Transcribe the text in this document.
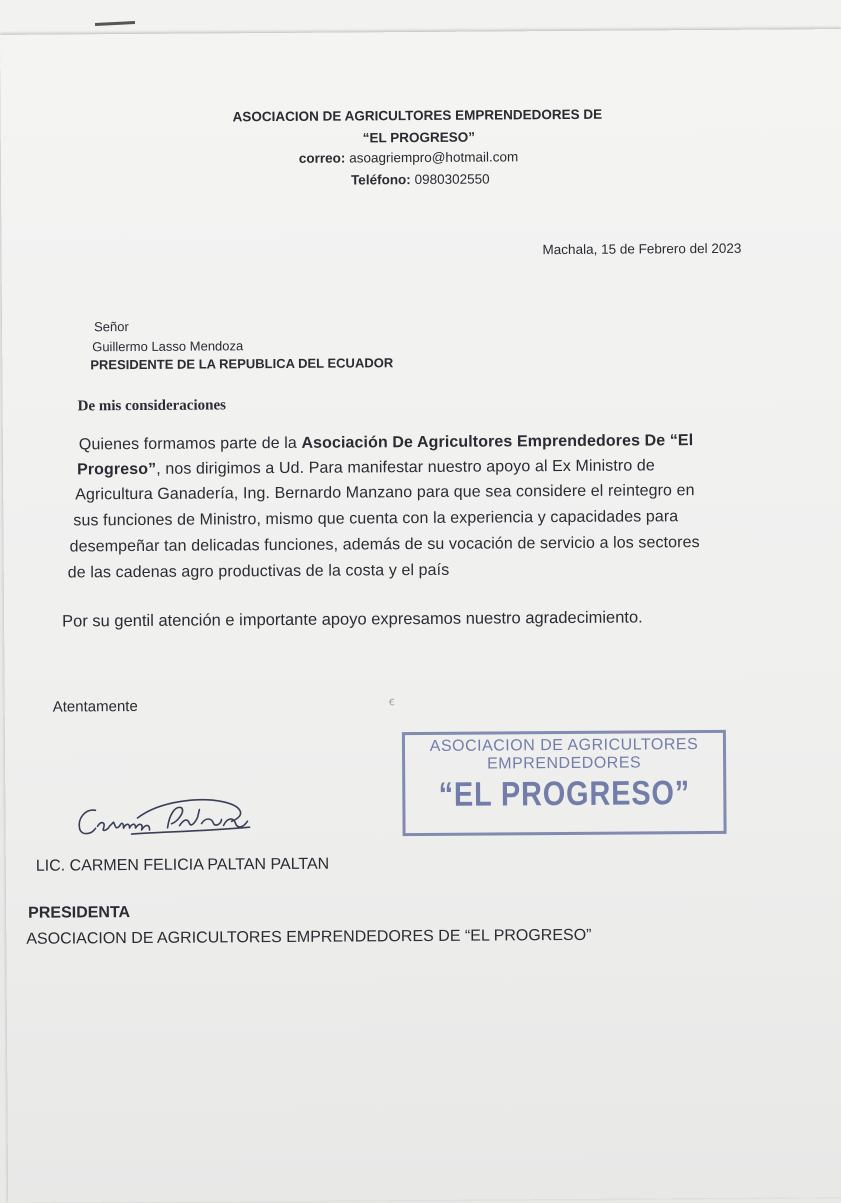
ASOCIACION DE AGRICULTORES EMPRENDEDORES DE
“EL PROGRESO”
correo: asoagriempro@hotmail.com
Teléfono: 0980302550
Machala, 15 de Febrero del 2023
Señor
Guillermo Lasso Mendoza
PRESIDENTE DE LA REPUBLICA DEL ECUADOR
De mis consideraciones
Quienes formamos parte de la Asociación De Agricultores Emprendedores De “El
Progreso”, nos dirigimos a Ud. Para manifestar nuestro apoyo al Ex Ministro de
Agricultura Ganadería, Ing. Bernardo Manzano para que sea considere el reintegro en
sus funciones de Ministro, mismo que cuenta con la experiencia y capacidades para
desempeñar tan delicadas funciones, además de su vocación de servicio a los sectores
de las cadenas agro productivas de la costa y el país
Por su gentil atención e importante apoyo expresamos nuestro agradecimiento.
Atentamente	ꞓ
ASOCIACION DE AGRICULTORES
EMPRENDEDORES
“EL PROGRESO”
LIC. CARMEN FELICIA PALTAN PALTAN
PRESIDENTA
ASOCIACION DE AGRICULTORES EMPRENDEDORES DE “EL PROGRESO”
